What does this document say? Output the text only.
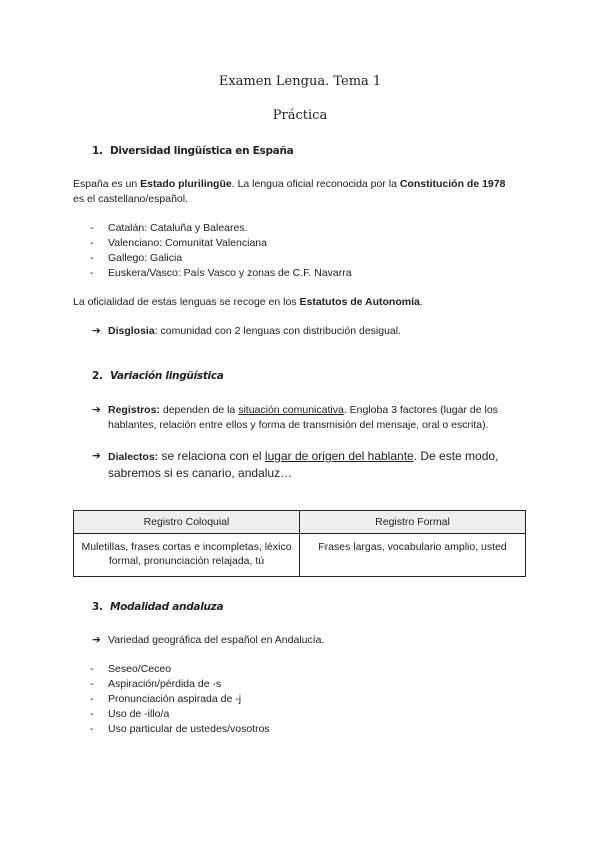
Examen Lengua. Tema 1
Práctica
1. Diversidad lingüística en España
España es un Estado plurilingüe. La lengua oficial reconocida por la Constitución de 1978 es el castellano/español.
- Catalán: Cataluña y Baleares.
- Valenciano: Comunitat Valenciana
- Gallego: Galicia
- Euskera/Vasco: País Vasco y zonas de C.F. Navarra
La oficialidad de estas lenguas se recoge en los Estatutos de Autonomía.
➔ Disglosia: comunidad con 2 lenguas con distribución desigual.
2. Variación lingüística
➔ Registros: dependen de la situación comunicativa. Engloba 3 factores (lugar de los hablantes, relación entre ellos y forma de transmisión del mensaje, oral o escrita).
➔ Dialectos: se relaciona con el lugar de origen del hablante. De este modo, sabremos si es canario, andaluz…
Registro Coloquial	Registro Formal
Muletillas, frases cortas e incompletas, léxico formal, pronunciación relajada, tú	Frases largas, vocabulario amplio, usted
3. Modalidad andaluza
➔ Variedad geográfica del español en Andalucía.
- Seseo/Ceceo
- Aspiración/pérdida de -s
- Pronunciación aspirada de -j
- Uso de -illo/a
- Uso particular de ustedes/vosotros
